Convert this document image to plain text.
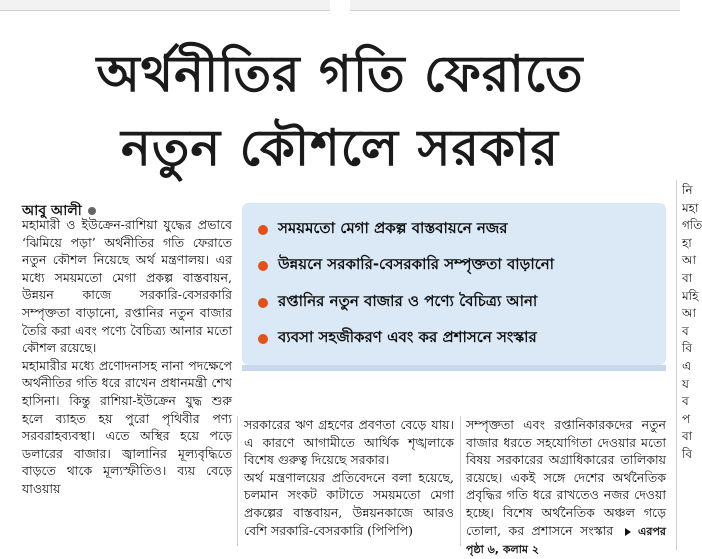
অর্থনীতির গতি ফেরাতে
নতুন কৌশলে সরকার
আবু আলী

মহামারী ও ইউক্রেন-রাশিয়া যুদ্ধের প্রভাবে ‘ঝিমিয়ে পড়া’ অর্থনীতির গতি ফেরাতে নতুন কৌশল নিয়েছে অর্থ মন্ত্রণালয়। এর মধ্যে সময়মতো মেগা প্রকল্প বাস্তবায়ন, উন্নয়ন কাজে সরকারি-বেসরকারি সম্পৃক্ততা বাড়ানো, রপ্তানির নতুন বাজার তৈরি করা এবং পণ্যে বৈচিত্র্য আনার মতো কৌশল রয়েছে।

মহামারীর মধ্যে প্রণোদনাসহ নানা পদক্ষেপে অর্থনীতির গতি ধরে রাখেন প্রধানমন্ত্রী শেখ হাসিনা। কিন্তু রাশিয়া-ইউক্রেন যুদ্ধ শুরু হলে ব্যাহত হয় পুরো পৃথিবীর পণ্য সরবরাহব্যবস্থা। এতে অস্থির হয়ে পড়ে ডলারের বাজার। জ্বালানির মূল্যবৃদ্ধিতে বাড়তে থাকে মূল্যস্ফীতিও। ব্যয় বেড়ে যাওয়ায়

সময়মতো মেগা প্রকল্প বাস্তবায়নে নজর
উন্নয়নে সরকারি-বেসরকারি সম্পৃক্ততা বাড়ানো
রপ্তানির নতুন বাজার ও পণ্যে বৈচিত্র্য আনা
ব্যবসা সহজীকরণ এবং কর প্রশাসনে সংস্কার

সরকারের ঋণ গ্রহণের প্রবণতা বেড়ে যায়। এ কারণে আগামীতে আর্থিক শৃঙ্খলাকে বিশেষ গুরুত্ব দিয়েছে সরকার।

অর্থ মন্ত্রণালয়ের প্রতিবেদনে বলা হয়েছে, চলমান সংকট কাটাতে সময়মতো মেগা প্রকল্পের বাস্তবায়ন, উন্নয়নকাজে আরও বেশি সরকারি-বেসরকারি (পিপিপি)

সম্পৃক্ততা এবং রপ্তানিকারকদের নতুন বাজার ধরতে সহযোগিতা দেওয়ার মতো বিষয় সরকারের অগ্রাধিকারের তালিকায় রয়েছে। একই সঙ্গে দেশের অর্থনৈতিক প্রবৃদ্ধির গতি ধরে রাখতেও নজর দেওয়া হচ্ছে। বিশেষ অর্থনৈতিক অঞ্চল গড়ে তোলা, কর প্রশাসনে সংস্কার এরপর পৃষ্ঠা ৬, কলাম ২

নি
মহা
গতি
হা
আ
বা
মহি
আ
ব
বি
এ
য
ব
প
বা
বি
